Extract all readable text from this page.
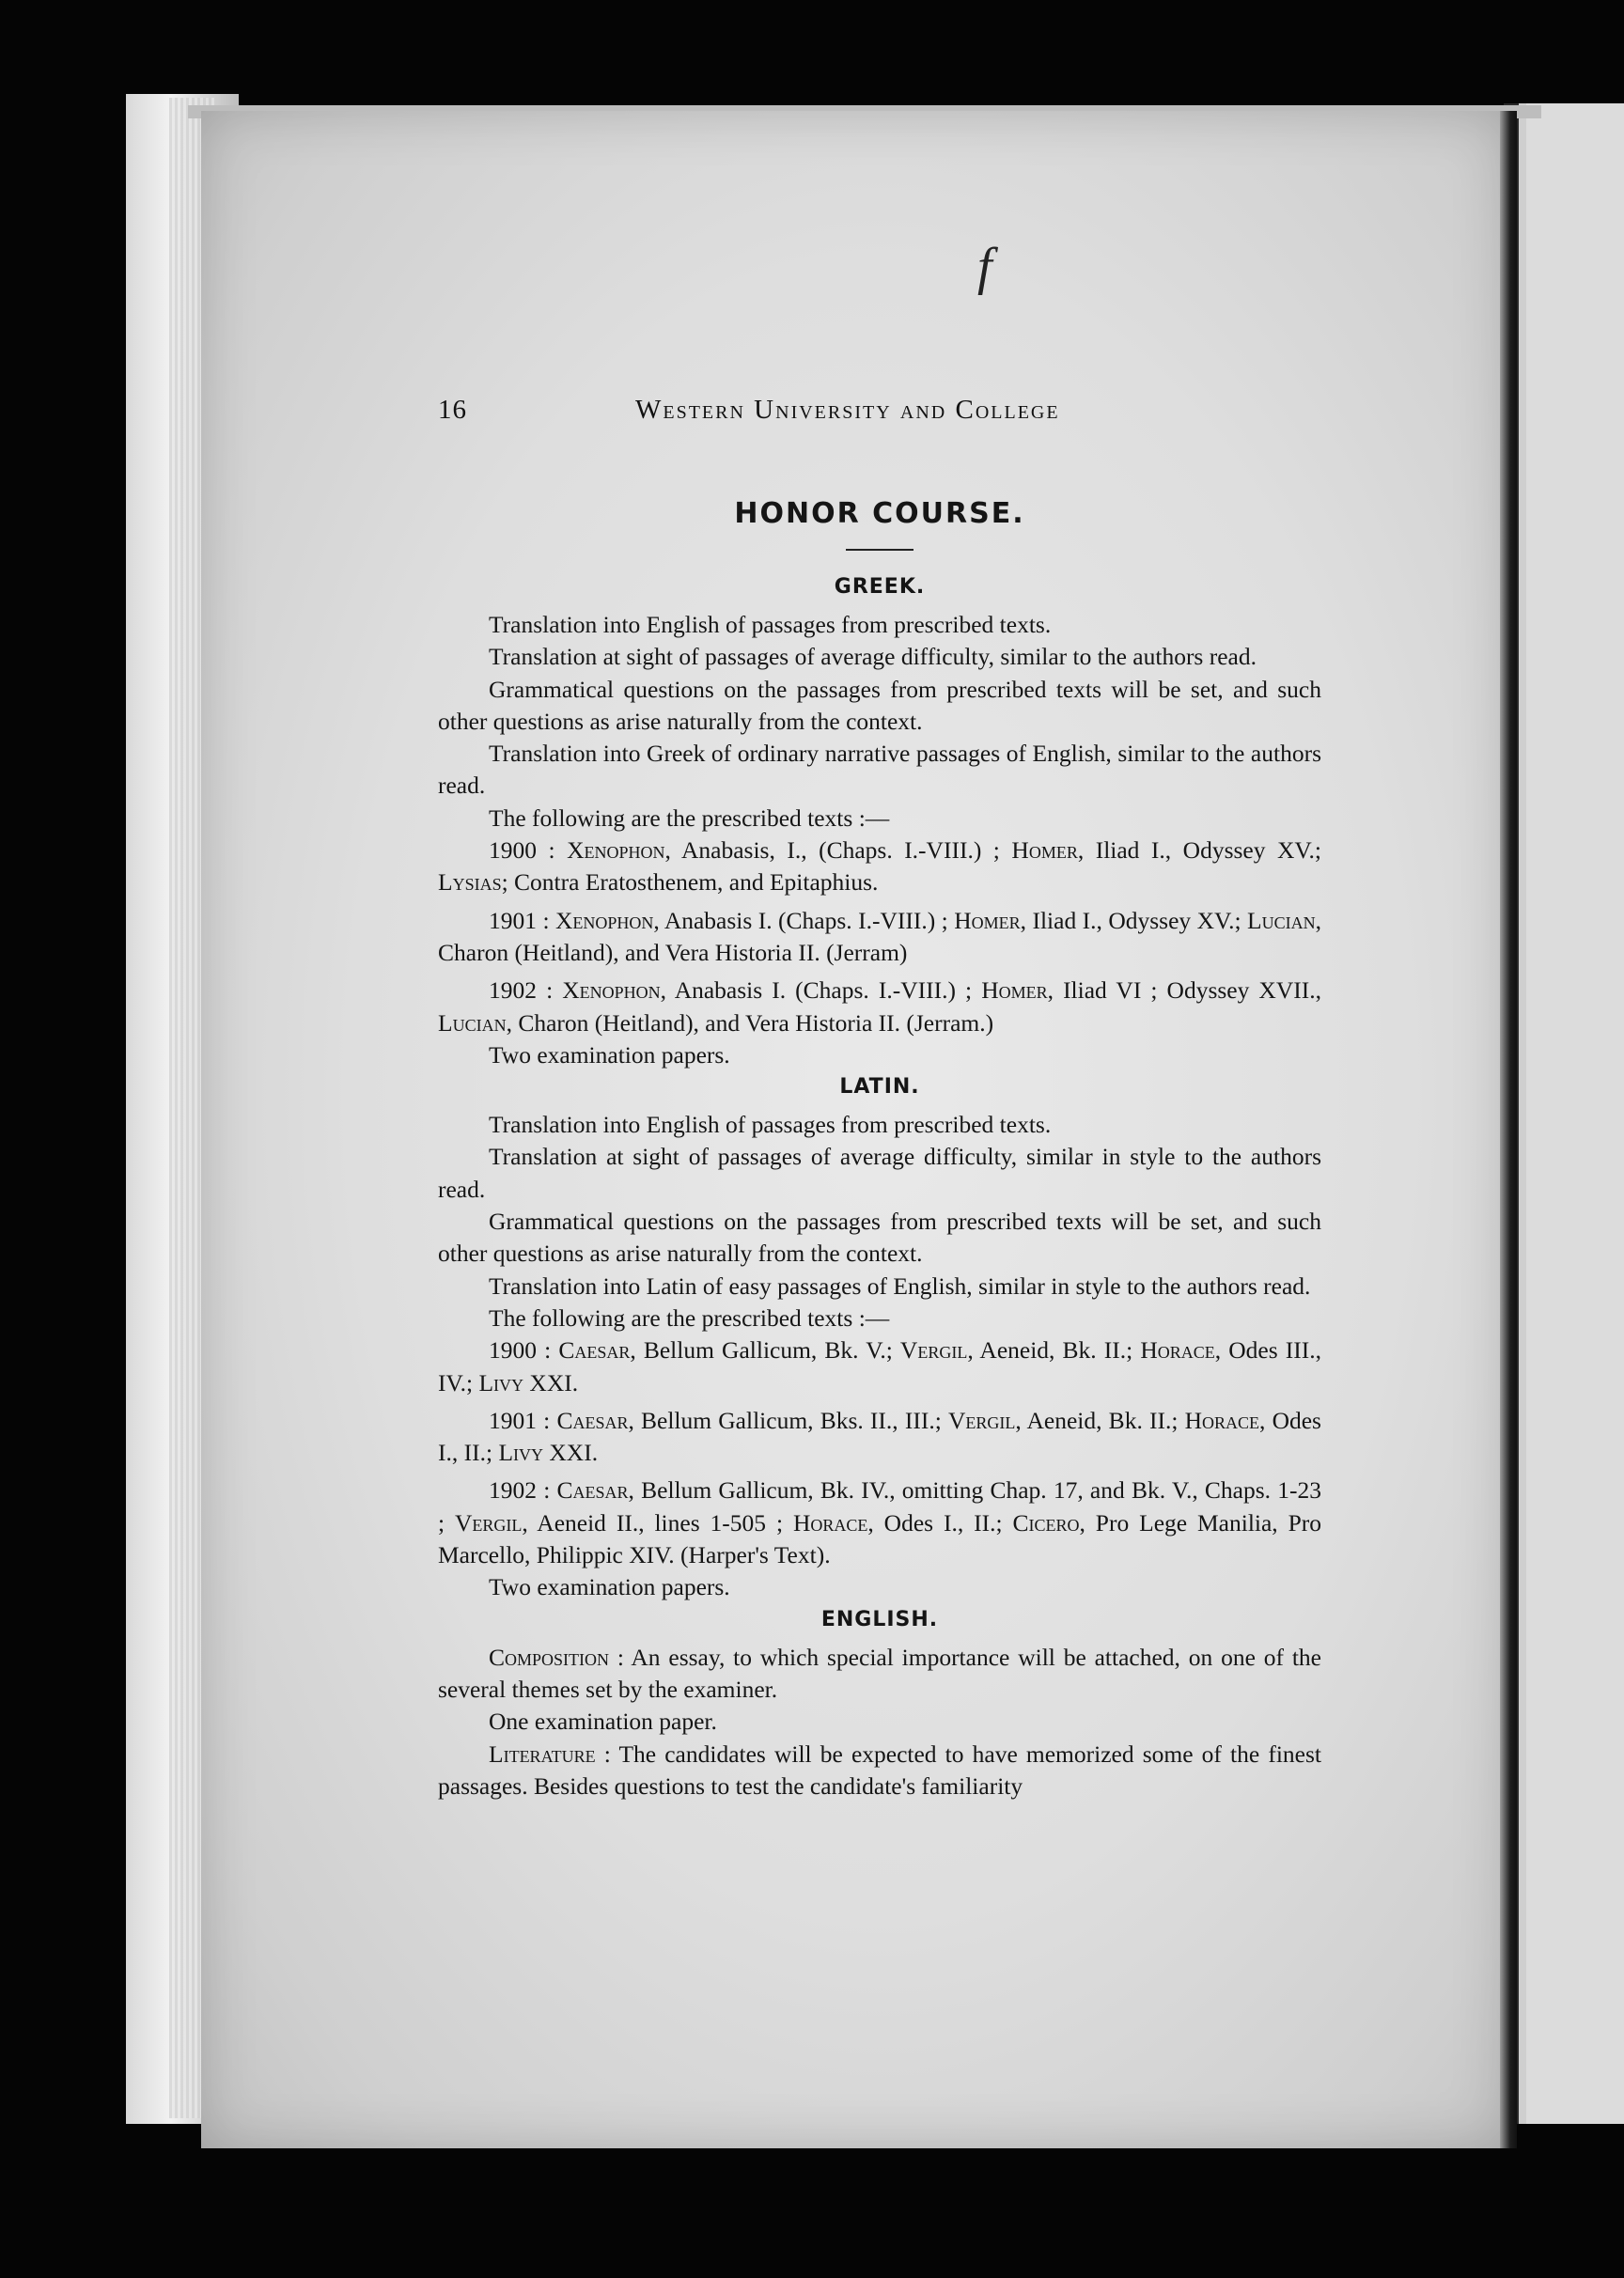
f
16	Western University and College
HONOR COURSE.
GREEK.

Translation into English of passages from prescribed texts.

Translation at sight of passages of average difficulty, similar to the authors read.

Grammatical questions on the passages from prescribed texts will be set, and such other questions as arise naturally from the context.

Translation into Greek of ordinary narrative passages of English, similar to the authors read.

The following are the prescribed texts :—

1900 : Xenophon, Anabasis, I., (Chaps. I.-VIII.) ; Homer, Iliad I., Odyssey XV.; Lysias; Contra Eratosthenem, and Epitaphius.

1901 : Xenophon, Anabasis I. (Chaps. I.-VIII.) ; Homer, Iliad I., Odyssey XV.; Lucian, Charon (Heitland), and Vera Historia II. (Jerram)

1902 : Xenophon, Anabasis I. (Chaps. I.-VIII.) ; Homer, Iliad VI ; Odyssey XVII., Lucian, Charon (Heitland), and Vera Historia II. (Jerram.)

Two examination papers.

LATIN.

Translation into English of passages from prescribed texts.

Translation at sight of passages of average difficulty, similar in style to the authors read.

Grammatical questions on the passages from prescribed texts will be set, and such other questions as arise naturally from the context.

Translation into Latin of easy passages of English, similar in style to the authors read.

The following are the prescribed texts :—

1900 : Caesar, Bellum Gallicum, Bk. V.; Vergil, Aeneid, Bk. II.; Horace, Odes III., IV.; Livy XXI.

1901 : Caesar, Bellum Gallicum, Bks. II., III.; Vergil, Aeneid, Bk. II.; Horace, Odes I., II.; Livy XXI.

1902 : Caesar, Bellum Gallicum, Bk. IV., omitting Chap. 17, and Bk. V., Chaps. 1-23 ; Vergil, Aeneid II., lines 1-505 ; Horace, Odes I., II.; Cicero, Pro Lege Manilia, Pro Marcello, Philippic XIV. (Harper's Text).

Two examination papers.

ENGLISH.

Composition : An essay, to which special importance will be attached, on one of the several themes set by the examiner.

One examination paper.

Literature : The candidates will be expected to have memorized some of the finest passages. Besides questions to test the candidate's familiarity
